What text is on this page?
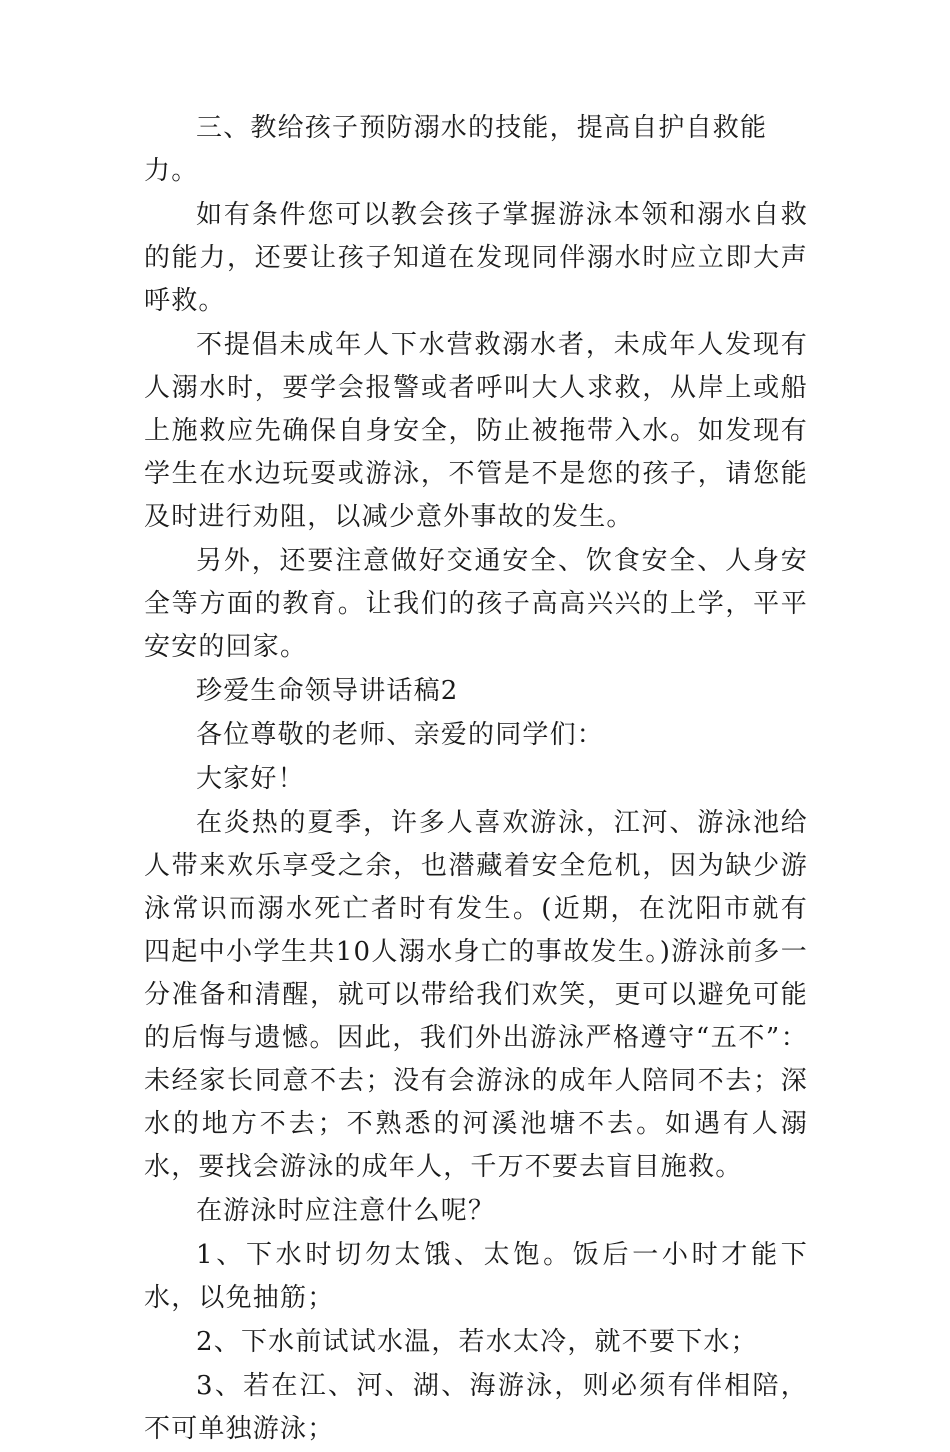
三、教给孩子预防溺水的技能，提高自护自救能力。

如有条件您可以教会孩子掌握游泳本领和溺水自救的能力，还要让孩子知道在发现同伴溺水时应立即大声呼救。

不提倡未成年人下水营救溺水者，未成年人发现有人溺水时，要学会报警或者呼叫大人求救，从岸上或船上施救应先确保自身安全，防止被拖带入水。如发现有学生在水边玩耍或游泳，不管是不是您的孩子，请您能及时进行劝阻，以减少意外事故的发生。

另外，还要注意做好交通安全、饮食安全、人身安全等方面的教育。让我们的孩子高高兴兴的上学，平平安安的回家。

珍爱生命领导讲话稿2

各位尊敬的老师、亲爱的同学们：

大家好！

在炎热的夏季，许多人喜欢游泳，江河、游泳池给人带来欢乐享受之余，也潜藏着安全危机，因为缺少游泳常识而溺水死亡者时有发生。(近期，在沈阳市就有四起中小学生共10人溺水身亡的事故发生。)游泳前多一分准备和清醒，就可以带给我们欢笑，更可以避免可能的后悔与遗憾。因此，我们外出游泳严格遵守“五不”：未经家长同意不去；没有会游泳的成年人陪同不去；深水的地方不去；不熟悉的河溪池塘不去。如遇有人溺水，要找会游泳的成年人，千万不要去盲目施救。

在游泳时应注意什么呢？

1、下水时切勿太饿、太饱。饭后一小时才能下水，以免抽筋；

2、下水前试试水温，若水太冷，就不要下水；

3、若在江、河、湖、海游泳，则必须有伴相陪，不可单独游泳；
